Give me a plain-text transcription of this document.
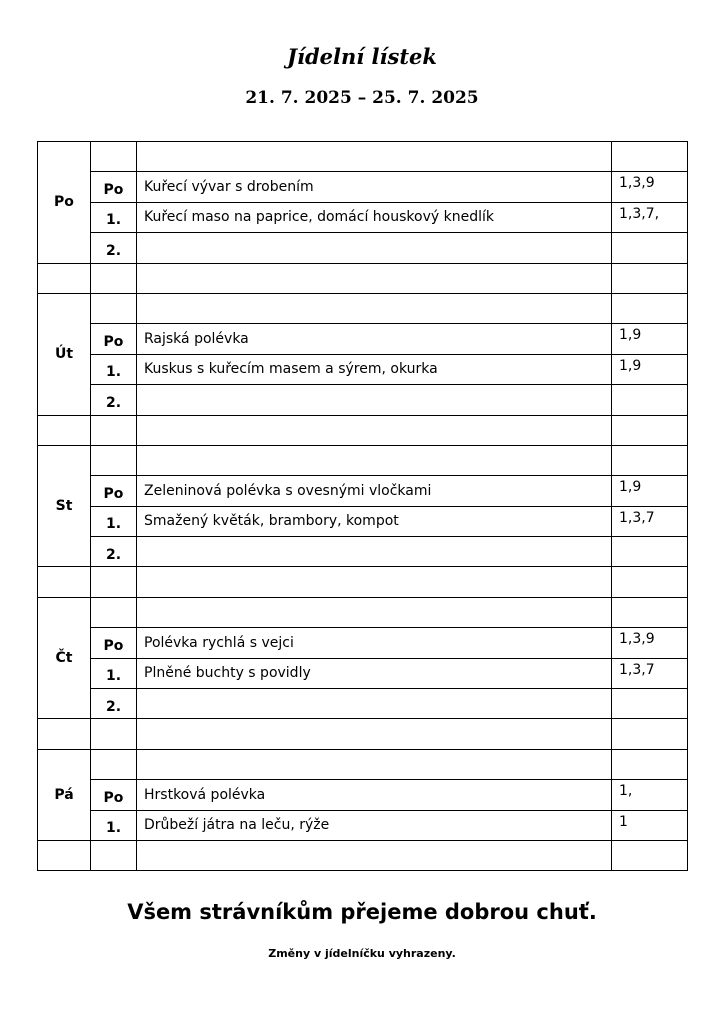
Jídelní lístek
21. 7. 2025 – 25. 7. 2025
Po			
	Po	Kuřecí vývar s drobením	1,3,9
	1.	Kuřecí maso na paprice, domácí houskový knedlík	1,3,7,
	2.		

Út			
	Po	Rajská polévka	1,9
	1.	Kuskus s kuřecím masem a sýrem, okurka	1,9
	2.		

St			
	Po	Zeleninová polévka s ovesnými vločkami	1,9
	1.	Smažený květák, brambory, kompot	1,3,7
	2.		

Čt			
	Po	Polévka rychlá s vejci	1,3,9
	1.	Plněné buchty s povidly	1,3,7
	2.		

Pá			
	Po	Hrstková polévka	1,
	1.	Drůbeží játra na leču, rýže	1

Všem strávníkům přejeme dobrou chuť.
Změny v jídelníčku vyhrazeny.
